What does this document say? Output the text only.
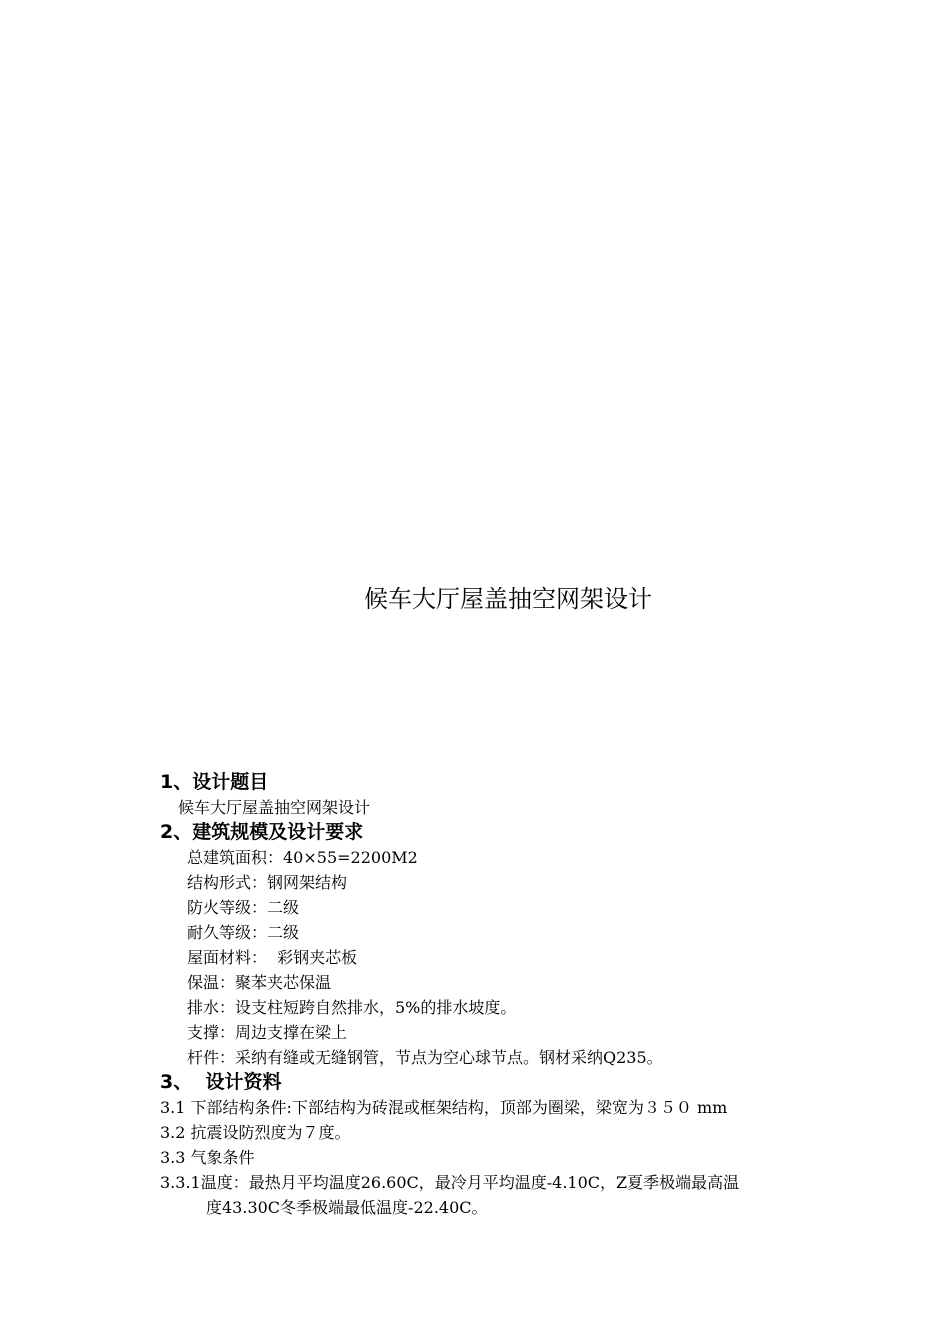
候车大厅屋盖抽空网架设计
1、设计题目
候车大厅屋盖抽空网架设计
2、建筑规模及设计要求
总建筑面积：40×55=2200M2
结构形式：钢网架结构
防火等级：二级
耐久等级：二级
屋面材料：  彩钢夹芯板
保温：聚苯夹芯保温
排水：设支柱短跨自然排水，5%的排水坡度。
支撑：周边支撑在梁上
杆件：采纳有缝或无缝钢管，节点为空心球节点。钢材采纳Q235。
3、  设计资料
3.1 下部结构条件:下部结构为砖混或框架结构，顶部为圈梁，梁宽为３５０ mm
3.2 抗震设防烈度为７度。
3.3 气象条件
3.3.1温度：最热月平均温度26.60C，最冷月平均温度-4.10C，Z夏季极端最高温
度43.30C冬季极端最低温度-22.40C。
